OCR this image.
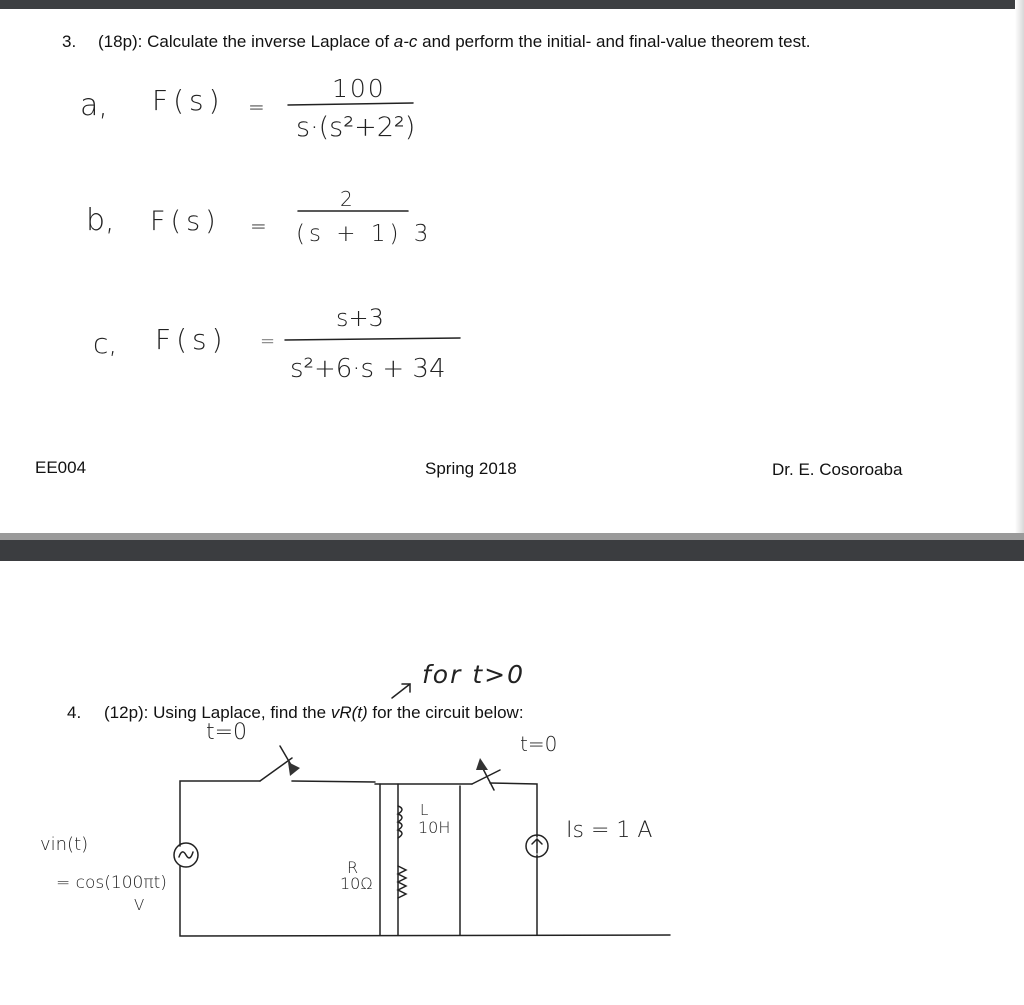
3. (18p): Calculate the inverse Laplace of a-c and perform the initial- and final-value theorem test.
a, F(s) =
100
s·(s²+2²)
b, F(s) =
2
(s + 1) 3
c, F(s) =
s+3
s²+6·s + 34
EE004	Spring 2018	Dr. E. Cosoroaba
for t>0
4. (12p): Using Laplace, find the vR(t) for the circuit below:
t=0	t=0
L
10H
R
10Ω
vin(t)
= cos(100πt)
V
Is = 1 A
